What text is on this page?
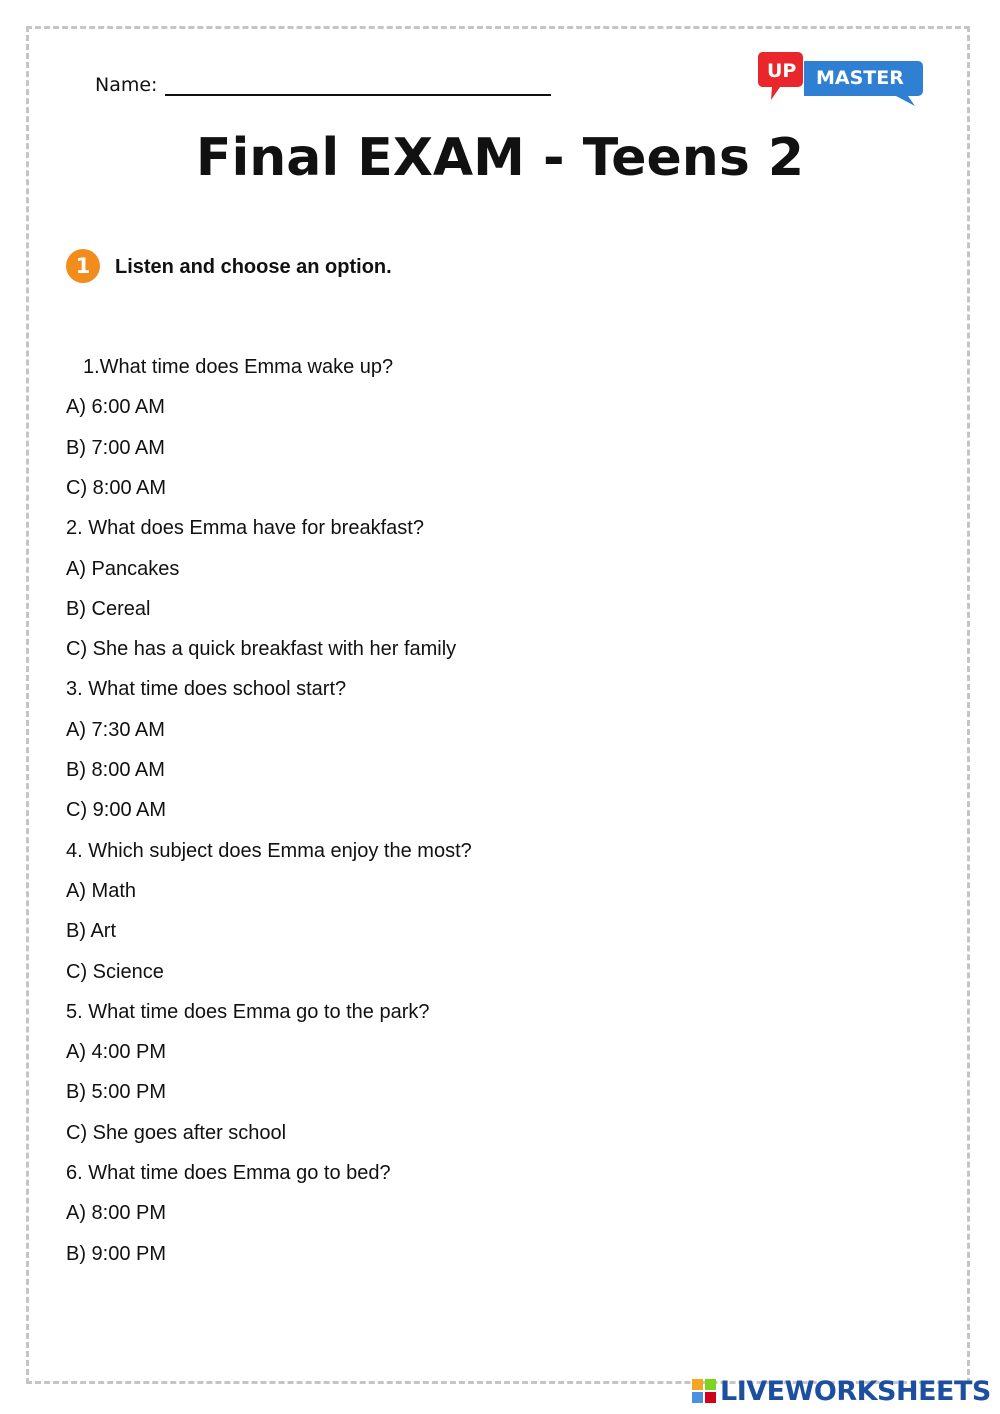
Name:
UP MASTER
Final EXAM - Teens 2
1	Listen and choose an option.
1.What time does Emma wake up?
A) 6:00 AM
B) 7:00 AM
C) 8:00 AM
2. What does Emma have for breakfast?
A) Pancakes
B) Cereal
C) She has a quick breakfast with her family
3. What time does school start?
A) 7:30 AM
B) 8:00 AM
C) 9:00 AM
4. Which subject does Emma enjoy the most?
A) Math
B) Art
C) Science
5. What time does Emma go to the park?
A) 4:00 PM
B) 5:00 PM
C) She goes after school
6. What time does Emma go to bed?
A) 8:00 PM
B) 9:00 PM
LIVEWORKSHEETS
